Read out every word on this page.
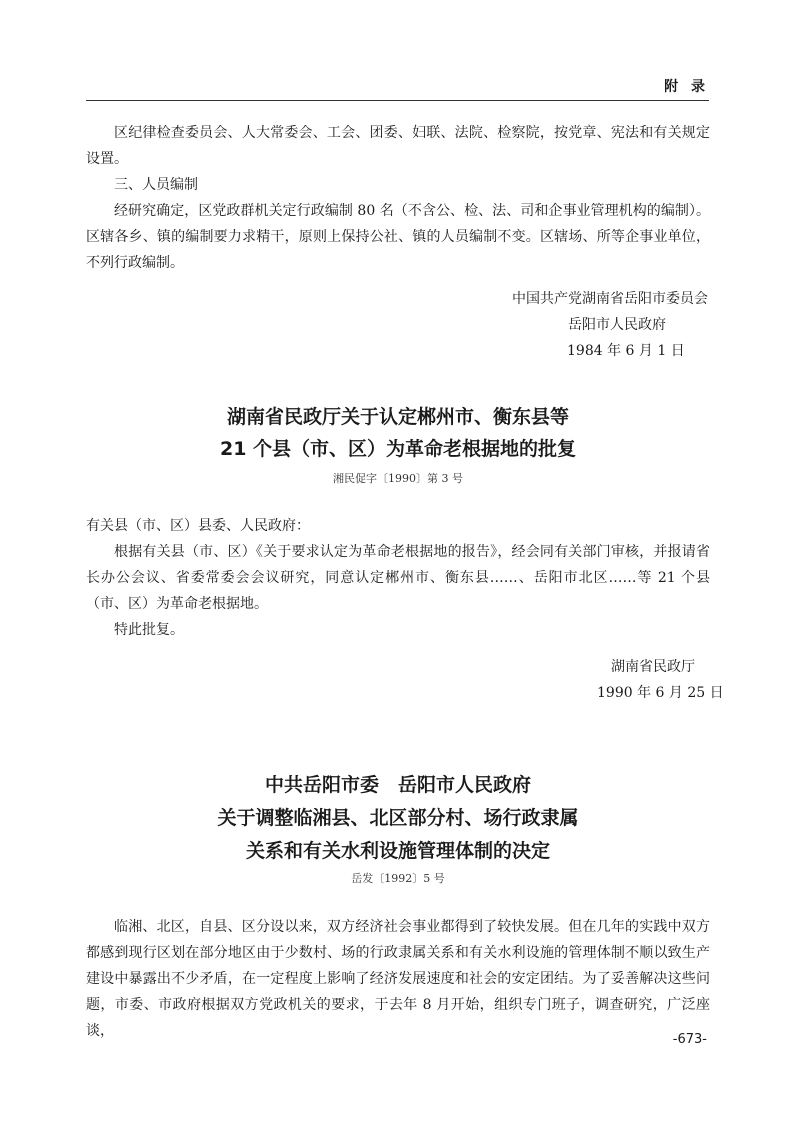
附 录

区纪律检查委员会、人大常委会、工会、团委、妇联、法院、检察院，按党章、宪法和有关规定设置。

三、人员编制

经研究确定，区党政群机关定行政编制 80 名（不含公、检、法、司和企事业管理机构的编制）。区辖各乡、镇的编制要力求精干，原则上保持公社、镇的人员编制不变。区辖场、所等企事业单位，不列行政编制。

中国共产党湖南省岳阳市委员会
岳阳市人民政府
1984 年 6 月 1 日
湖南省民政厅关于认定郴州市、衡东县等
21 个县（市、区）为革命老根据地的批复
湘民促字〔1990〕第 3 号

有关县（市、区）县委、人民政府：

根据有关县（市、区）《关于要求认定为革命老根据地的报告》，经会同有关部门审核，并报请省长办公会议、省委常委会会议研究，同意认定郴州市、衡东县……、岳阳市北区……等 21 个县（市、区）为革命老根据地。

特此批复。

湖南省民政厅
1990 年 6 月 25 日
中共岳阳市委　岳阳市人民政府
关于调整临湘县、北区部分村、场行政隶属
关系和有关水利设施管理体制的决定
岳发〔1992〕5 号

临湘、北区，自县、区分设以来，双方经济社会事业都得到了较快发展。但在几年的实践中双方都感到现行区划在部分地区由于少数村、场的行政隶属关系和有关水利设施的管理体制不顺以致生产建设中暴露出不少矛盾，在一定程度上影响了经济发展速度和社会的安定团结。为了妥善解决这些问题，市委、市政府根据双方党政机关的要求，于去年 8 月开始，组织专门班子，调查研究，广泛座谈，

-673-
